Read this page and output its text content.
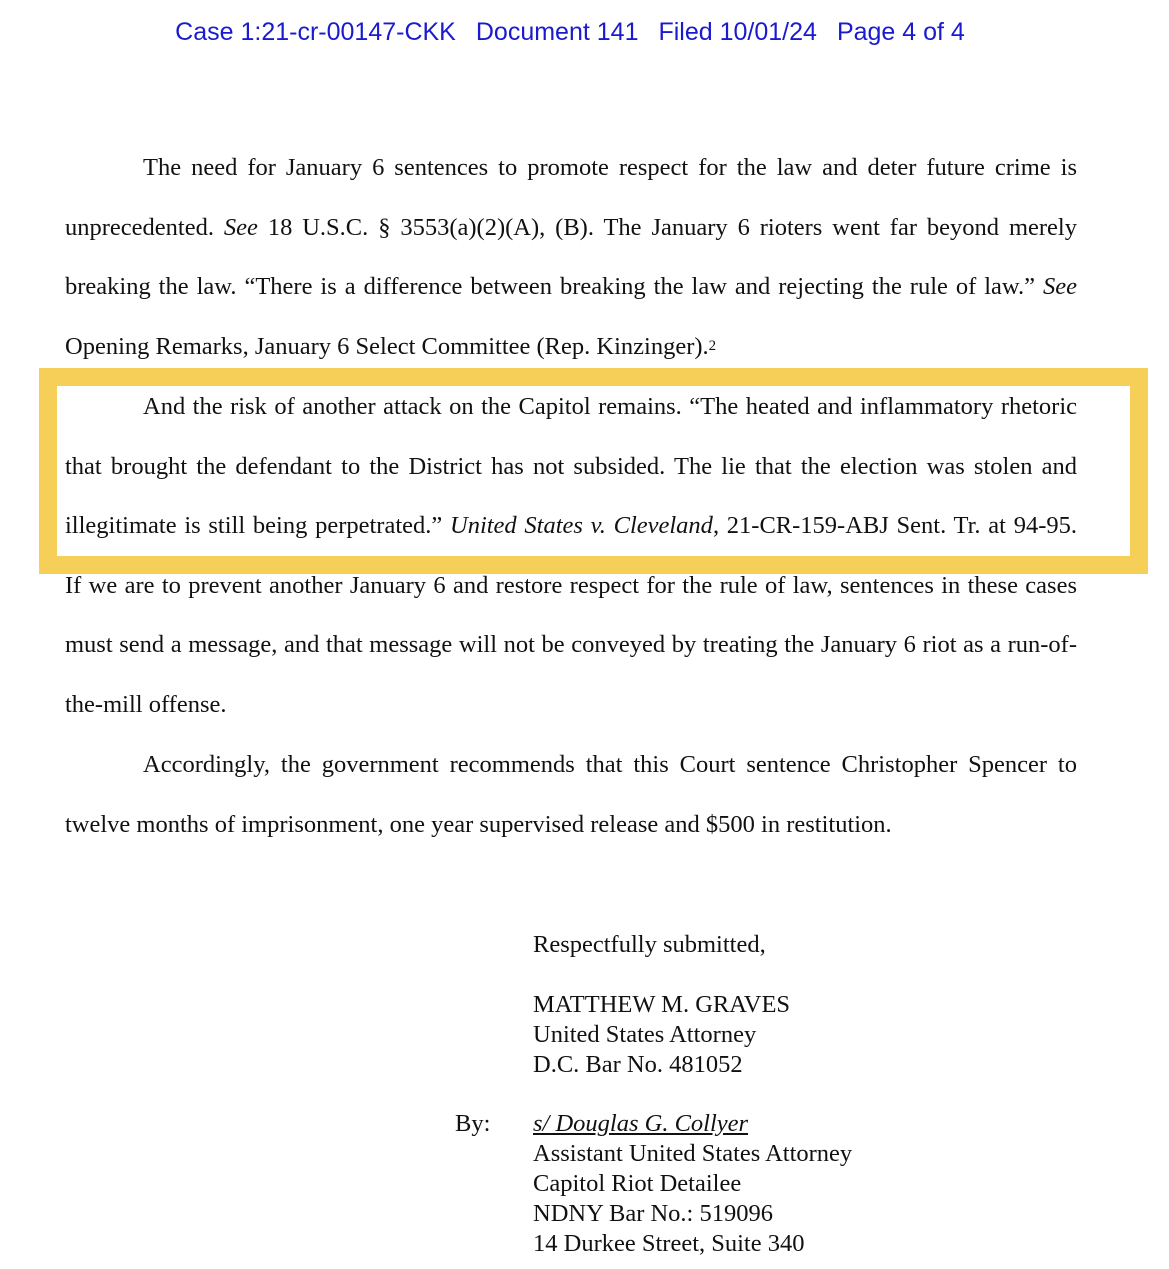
Case 1:21-cr-00147-CKK Document 141 Filed 10/01/24 Page 4 of 4

The need for January 6 sentences to promote respect for the law and deter future crime is unprecedented. See 18 U.S.C. § 3553(a)(2)(A), (B). The January 6 rioters went far beyond merely breaking the law. “There is a difference between breaking the law and rejecting the rule of law.” See Opening Remarks, January 6 Select Committee (Rep. Kinzinger).$^2$

And the risk of another attack on the Capitol remains. “The heated and inflammatory rhetoric that brought the defendant to the District has not subsided. The lie that the election was stolen and illegitimate is still being perpetrated.” United States v. Cleveland, 21-CR-159-ABJ Sent. Tr. at 94-95. If we are to prevent another January 6 and restore respect for the rule of law, sentences in these cases must send a message, and that message will not be conveyed by treating the January 6 riot as a run-of-the-mill offense.

Accordingly, the government recommends that this Court sentence Christopher Spencer to twelve months of imprisonment, one year supervised release and $500 in restitution.

Respectfully submitted,
MATTHEW M. GRAVES
United States Attorney
D.C. Bar No. 481052
By: s/ Douglas G. Collyer
Assistant United States Attorney
Capitol Riot Detailee
NDNY Bar No.: 519096
14 Durkee Street, Suite 340
